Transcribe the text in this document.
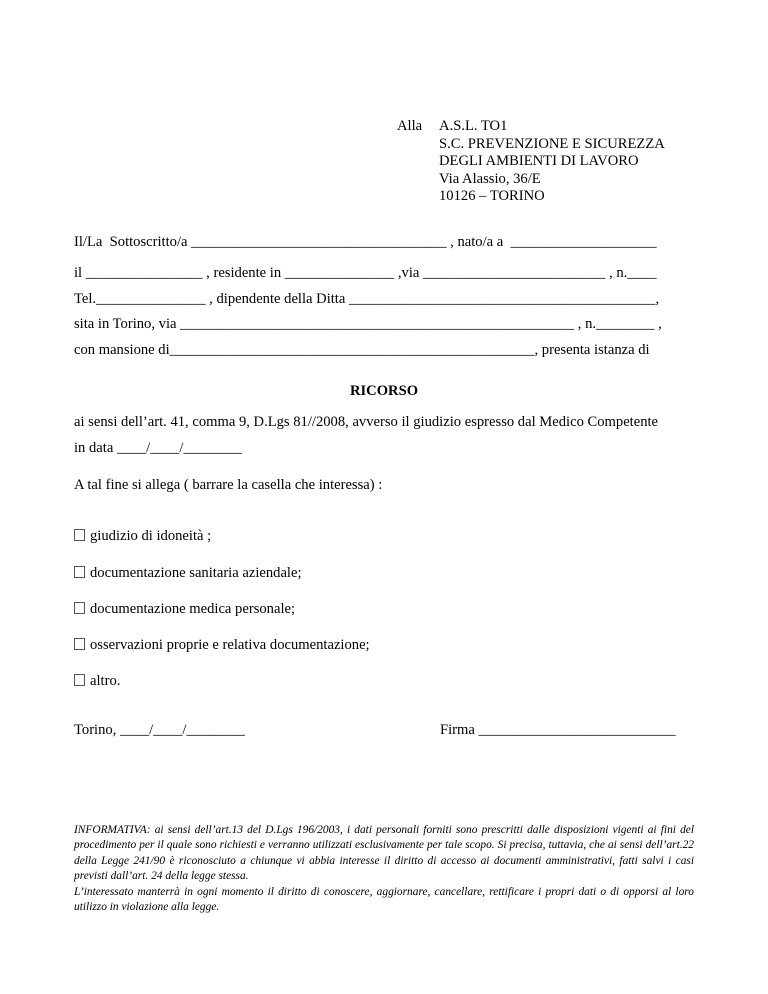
Alla A.S.L. TO1
S.C. PREVENZIONE E SICUREZZA
DEGLI AMBIENTI DI LAVORO
Via Alassio, 36/E
10126 – TORINO
Il/La  Sottoscritto/a ___________________________________ , nato/a a  ____________________
il ________________ , residente in _______________ ,via _________________________ , n.____
Tel._______________ , dipendente della Ditta __________________________________________,
sita in Torino, via ______________________________________________________ , n.________ ,
con mansione di__________________________________________________, presenta istanza di
RICORSO
ai sensi dell’art. 41, comma 9, D.Lgs 81//2008, avverso il giudizio espresso dal Medico Competente
in data ____/____/________
A tal fine si allega ( barrare la casella che interessa) :
giudizio di idoneità ;
documentazione sanitaria aziendale;
documentazione medica personale;
osservazioni proprie e relativa documentazione;
altro.
Torino, ____/____/________	Firma ___________________________

INFORMATIVA: ai sensi dell’art.13 del D.Lgs 196/2003, i dati personali forniti sono prescritti dalle disposizioni vigenti ai fini del procedimento per il quale sono richiesti e verranno utilizzati esclusivamente per tale scopo. Si precisa, tuttavia, che ai sensi dell’art.22 della Legge 241/90 è riconosciuto a chiunque vi abbia interesse il diritto di accesso ai documenti amministrativi, fatti salvi i casi previsti dall’art. 24 della legge stessa.

L’interessato manterrà in ogni momento il diritto di conoscere, aggiornare, cancellare, rettificare i propri dati o di opporsi al loro utilizzo in violazione alla legge.
